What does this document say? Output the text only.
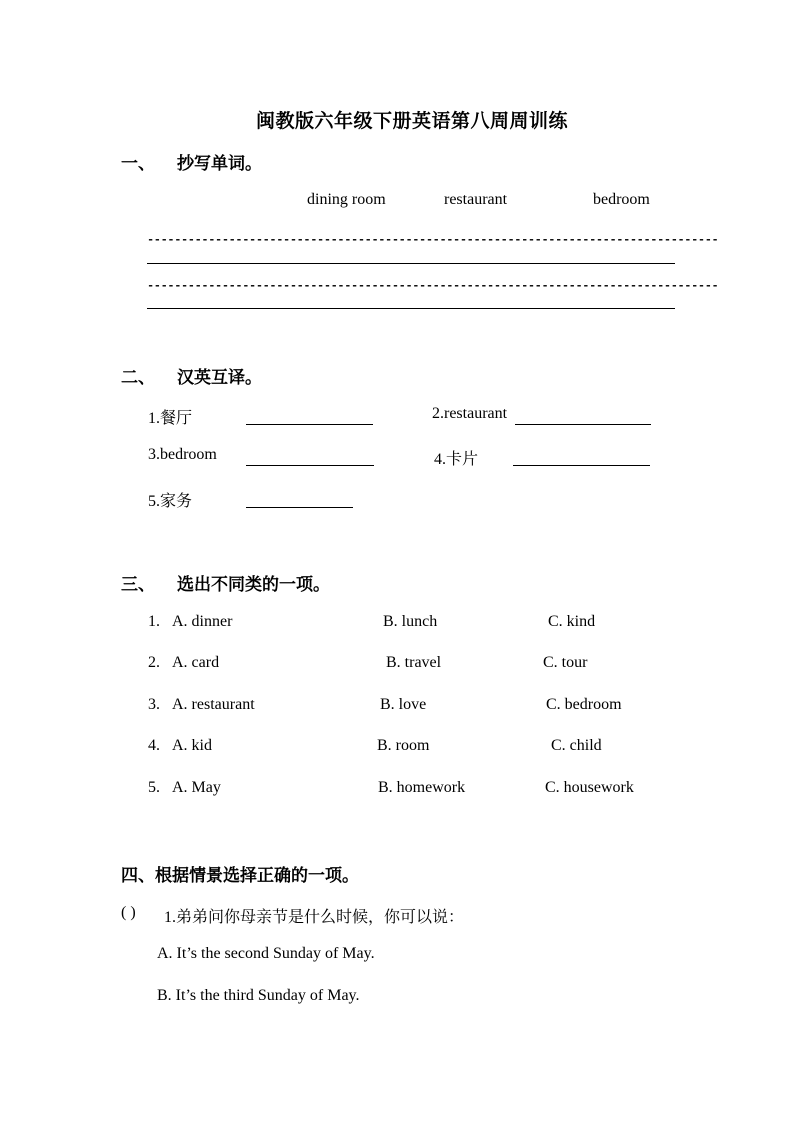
闽教版六年级下册英语第八周周训练
一、 抄写单词。
dining room	restaurant	bedroom
------------------------------------------------------------------------------------
------------------------------------------------------------------------------------
二、 汉英互译。
1.餐厅	2.restaurant
3.bedroom	4.卡片
5.家务
三、 选出不同类的一项。
1. A. dinner	B. lunch	C. kind
2. A. card	B. travel	C. tour
3. A. restaurant	B. love	C. bedroom
4. A. kid	B. room	C. child
5. A. May	B. homework	C. housework
四、根据情景选择正确的一项。
( ) 1.弟弟问你母亲节是什么时候，你可以说：
A. It’s the second Sunday of May.
B. It’s the third Sunday of May.
